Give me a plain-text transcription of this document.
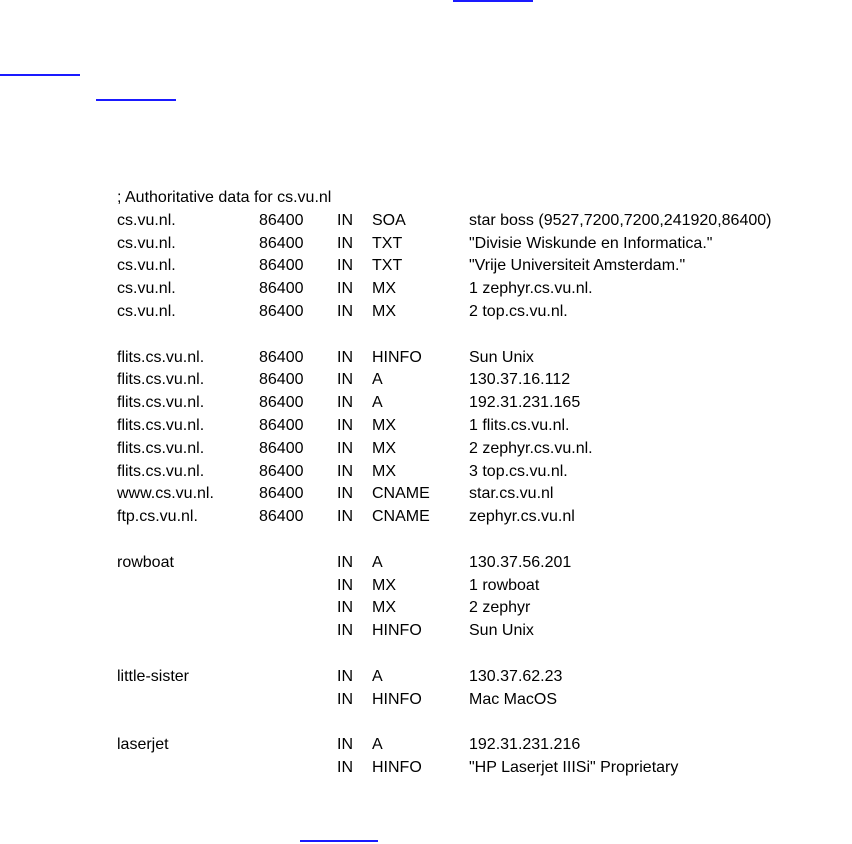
; Authoritative data for cs.vu.nl
cs.vu.nl.	86400 IN SOA	star boss (9527,7200,7200,241920,86400)
cs.vu.nl.	86400 IN TXT	"Divisie Wiskunde en Informatica."
cs.vu.nl.	86400 IN TXT	"Vrije Universiteit Amsterdam."
cs.vu.nl.	86400 IN MX	1 zephyr.cs.vu.nl.
cs.vu.nl.	86400 IN MX	2 top.cs.vu.nl.
flits.cs.vu.nl.	86400 IN HINFO	Sun Unix
flits.cs.vu.nl.	86400 IN A	130.37.16.112
flits.cs.vu.nl.	86400 IN A	192.31.231.165
flits.cs.vu.nl.	86400 IN MX	1 flits.cs.vu.nl.
flits.cs.vu.nl.	86400 IN MX	2 zephyr.cs.vu.nl.
flits.cs.vu.nl.	86400 IN MX	3 top.cs.vu.nl.
www.cs.vu.nl.	86400 IN CNAME star.cs.vu.nl
ftp.cs.vu.nl.	86400 IN CNAME zephyr.cs.vu.nl
rowboat	IN A	130.37.56.201
IN MX	1 rowboat
IN MX	2 zephyr
IN HINFO	Sun Unix
little-sister	IN A	130.37.62.23
IN HINFO	Mac MacOS
laserjet	IN A	192.31.231.216
IN HINFO	"HP Laserjet IIISi" Proprietary
